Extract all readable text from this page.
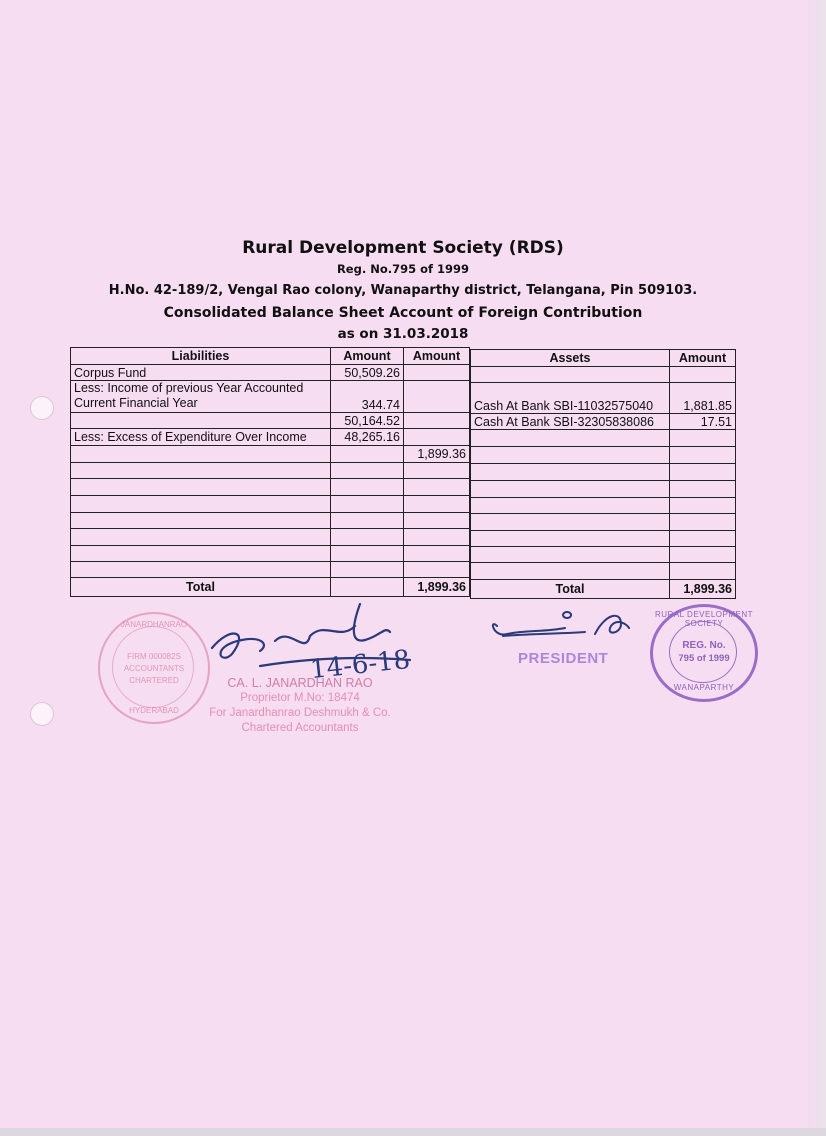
Rural Development Society (RDS)
Reg. No.795 of 1999
H.No. 42-189/2, Vengal Rao colony, Wanaparthy district, Telangana, Pin 509103.
Consolidated Balance Sheet Account of Foreign Contribution
as on 31.03.2018
Liabilities	Amount	Amount
Corpus Fund	50,509.26	
Less: Income of previous Year Accounted
Current Financial Year	344.74	
	50,164.52	
Less: Excess of Expenditure Over Income	48,265.16	
		1,899.36

Total		1,899.36
Assets	Amount

Cash At Bank SBI-11032575040	1,881.85
Cash At Bank SBI-32305838086	17.51

Total	1,899.36
JANARDHANRAO
FIRM 000082S
ACCOUNTANTS
CHARTERED
HYDERABAD
14-6-18
CA. L. JANARDHAN RAO
Proprietor M.No: 18474
For Janardhanrao Deshmukh & Co.
Chartered Accountants
PRESIDENT
RURAL DEVELOPMENT SOCIETY
REG. No.
795 of 1999
WANAPARTHY
